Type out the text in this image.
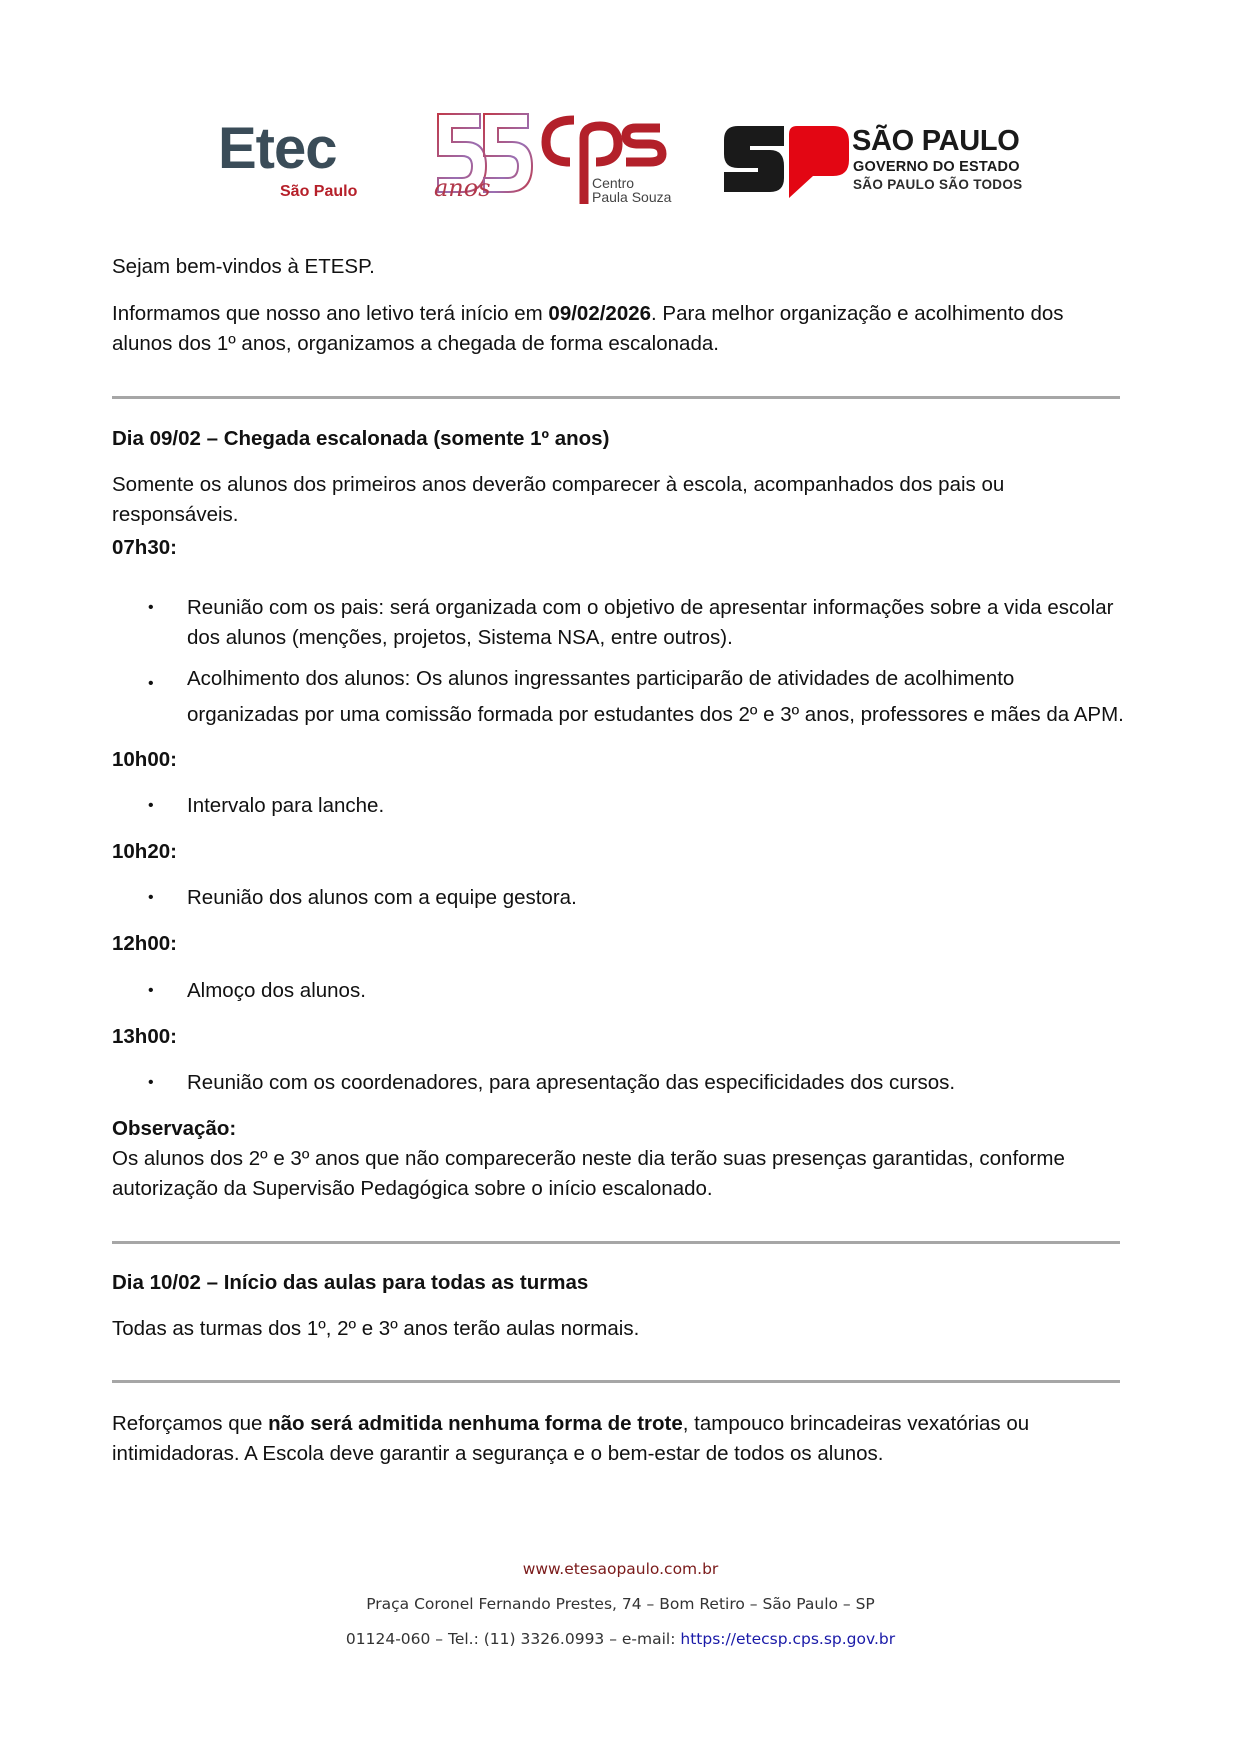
Etec
São Paulo	anos	Centro
Paula Souza
SÃO PAULO
GOVERNO DO ESTADO
SÃO PAULO SÃO TODOS
Sejam bem-vindos à ETESP.
Informamos que nosso ano letivo terá início em 09/02/2026. Para melhor organização e acolhimento dos
alunos dos 1º anos, organizamos a chegada de forma escalonada.
Dia 09/02 – Chegada escalonada (somente 1º anos)
Somente os alunos dos primeiros anos deverão comparecer à escola, acompanhados dos pais ou
responsáveis.
07h30:
• Reunião com os pais: será organizada com o objetivo de apresentar informações sobre a vida escolar
dos alunos (menções, projetos, Sistema NSA, entre outros).
• Acolhimento dos alunos: Os alunos ingressantes participarão de atividades de acolhimento
organizadas por uma comissão formada por estudantes dos 2º e 3º anos, professores e mães da APM.
10h00:
• Intervalo para lanche.
10h20:
• Reunião dos alunos com a equipe gestora.
12h00:
• Almoço dos alunos.
13h00:
• Reunião com os coordenadores, para apresentação das especificidades dos cursos.
Observação:
Os alunos dos 2º e 3º anos que não comparecerão neste dia terão suas presenças garantidas, conforme
autorização da Supervisão Pedagógica sobre o início escalonado.
Dia 10/02 – Início das aulas para todas as turmas
Todas as turmas dos 1º, 2º e 3º anos terão aulas normais.
Reforçamos que não será admitida nenhuma forma de trote, tampouco brincadeiras vexatórias ou
intimidadoras. A Escola deve garantir a segurança e o bem-estar de todos os alunos.
www.etesaopaulo.com.br
Praça Coronel Fernando Prestes, 74 – Bom Retiro – São Paulo – SP
01124-060 – Tel.: (11) 3326.0993 – e-mail: https://etecsp.cps.sp.gov.br
